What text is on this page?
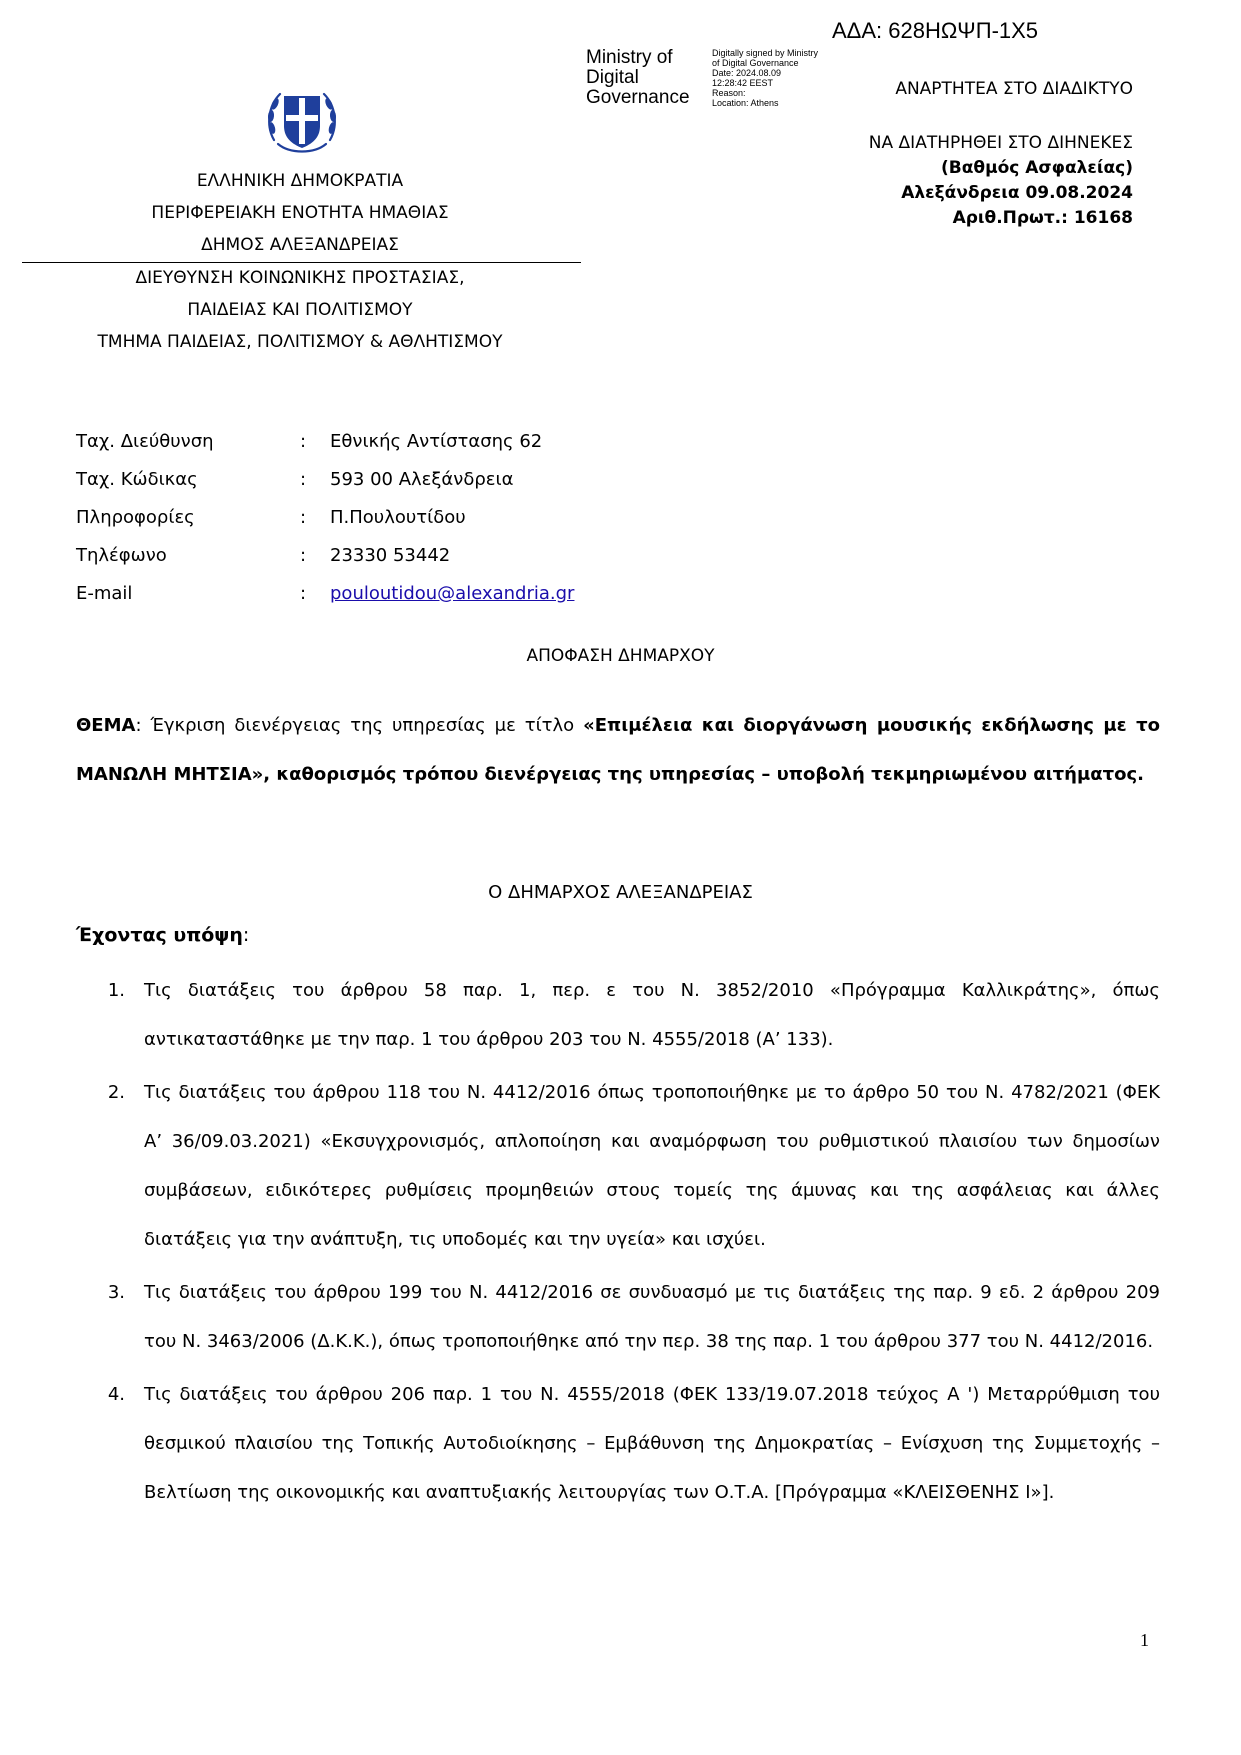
ΑΔΑ: 628ΗΩΨΠ-1Χ5
Ministry of
Digital
Governance
Digitally signed by Ministry
of Digital Governance
Date: 2024.08.09
12:28:42 EEST
Reason:
Location: Athens
ΑΝΑΡΤΗΤΕΑ ΣΤΟ ΔΙΑΔΙΚΤΥΟ
ΝΑ ΔΙΑΤΗΡΗΘΕΙ ΣΤΟ ΔΙΗΝΕΚΕΣ
(Βαθμός Ασφαλείας)
Αλεξάνδρεια 09.08.2024
Αριθ.Πρωτ.: 16168
ΕΛΛΗΝΙΚΗ ΔΗΜΟΚΡΑΤΙΑ
ΠΕΡΙΦΕΡΕΙΑΚΗ ΕΝΟΤΗΤΑ ΗΜΑΘΙΑΣ
ΔΗΜΟΣ ΑΛΕΞΑΝΔΡΕΙΑΣ
ΔΙΕΥΘΥΝΣΗ ΚΟΙΝΩΝΙΚΗΣ ΠΡΟΣΤΑΣΙΑΣ,
ΠΑΙΔΕΙΑΣ ΚΑΙ ΠΟΛΙΤΙΣΜΟΥ
ΤΜΗΜΑ ΠΑΙΔΕΙΑΣ, ΠΟΛΙΤΙΣΜΟΥ & ΑΘΛΗΤΙΣΜΟΥ
Ταχ. Διεύθυνση	:	Εθνικής Αντίστασης 62
Ταχ. Κώδικας	:	593 00 Αλεξάνδρεια
Πληροφορίες	:	Π.Πουλουτίδου
Τηλέφωνο	:	23330 53442
E-mail	:	pouloutidou@alexandria.gr
ΑΠΟΦΑΣΗ ΔΗΜΑΡΧΟΥ
ΘΕΜΑ: Έγκριση διενέργειας της υπηρεσίας με τίτλο «Επιμέλεια και διοργάνωση μουσικής εκδήλωσης με το ΜΑΝΩΛΗ ΜΗΤΣΙΑ», καθορισμός τρόπου διενέργειας της υπηρεσίας – υποβολή τεκμηριωμένου αιτήματος.
Ο ΔΗΜΑΡΧΟΣ ΑΛΕΞΑΝΔΡΕΙΑΣ
Έχοντας υπόψη:
1.	Τις διατάξεις του άρθρου 58 παρ. 1, περ. ε του Ν. 3852/2010 «Πρόγραμμα Καλλικράτης», όπως αντικαταστάθηκε με την παρ. 1 του άρθρου 203 του Ν. 4555/2018 (Α’ 133).
2.	Τις διατάξεις του άρθρου 118 του Ν. 4412/2016 όπως τροποποιήθηκε με το άρθρο 50 του Ν. 4782/2021 (ΦΕΚ Α’ 36/09.03.2021) «Εκσυγχρονισμός, απλοποίηση και αναμόρφωση του ρυθμιστικού πλαισίου των δημοσίων συμβάσεων, ειδικότερες ρυθμίσεις προμηθειών στους τομείς της άμυνας και της ασφάλειας και άλλες διατάξεις για την ανάπτυξη, τις υποδομές και την υγεία» και ισχύει.
3.	Τις διατάξεις του άρθρου 199 του Ν. 4412/2016 σε συνδυασμό με τις διατάξεις της παρ. 9 εδ. 2 άρθρου 209 του Ν. 3463/2006 (Δ.Κ.Κ.), όπως τροποποιήθηκε από την περ. 38 της παρ. 1 του άρθρου 377 του Ν. 4412/2016.
4.	Τις διατάξεις του άρθρου 206 παρ. 1 του Ν. 4555/2018 (ΦΕΚ 133/19.07.2018 τεύχος Α ') Μεταρρύθμιση του θεσμικού πλαισίου της Τοπικής Αυτοδιοίκησης – Εμβάθυνση της Δημοκρατίας – Ενίσχυση της Συμμετοχής – Βελτίωση της οικονομικής και αναπτυξιακής λειτουργίας των Ο.Τ.Α. [Πρόγραμμα «ΚΛΕΙΣΘΕΝΗΣ Ι»].
1
